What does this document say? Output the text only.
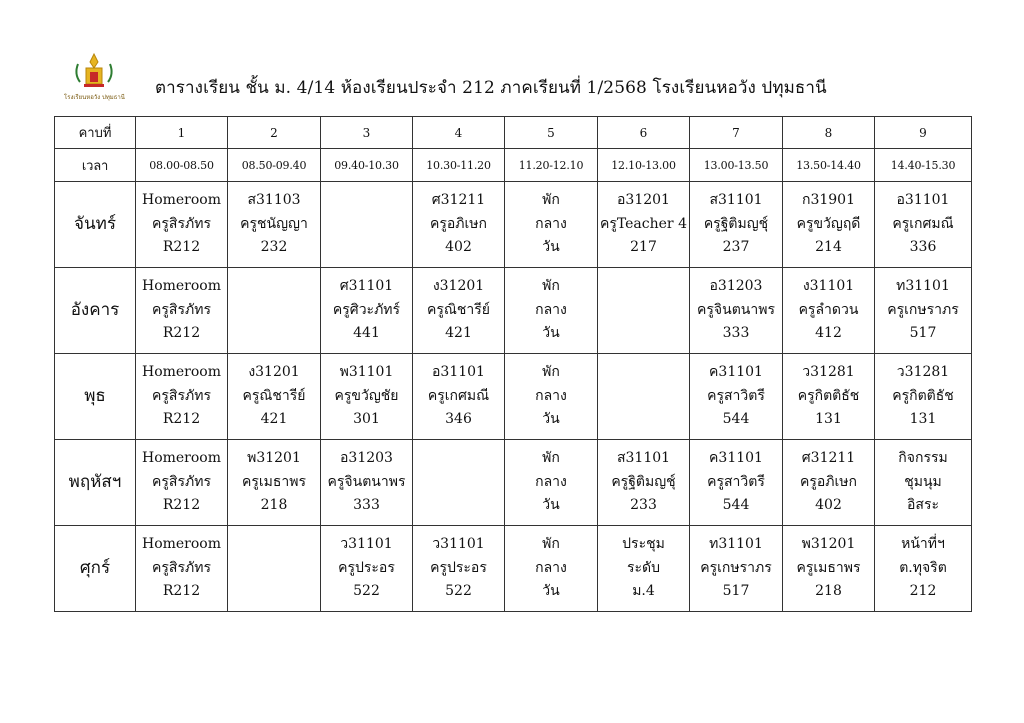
โรงเรียนหอวัง ปทุมธานี ตารางเรียน ชั้น ม. 4/14 ห้องเรียนประจำ 212 ภาคเรียนที่ 1/2568 โรงเรียนหอวัง ปทุมธานี
คาบที่	1	2	3	4	5	6	7	8	9
เวลา	08.00-08.50	08.50-09.40	09.40-10.30	10.30-11.20	11.20-12.10	12.10-13.00	13.00-13.50	13.50-14.40	14.40-15.30
จันทร์	Homeroom
ครูสิรภัทร
R212	ส31103
ครูชนัญญา
232		ศ31211
ครูอภิเษก
402	พัก
กลาง
วัน	อ31201
ครูTeacher 4
217	ส31101
ครูฐิติมญชุ์
237	ก31901
ครูขวัญฤดี
214	อ31101
ครูเกศมณี
336

อังคาร	Homeroom
ครูสิรภัทร
R212		ศ31101
ครูศิวะภัทร์
441	ง31201
ครูณิชารีย์
421	พัก
กลาง
วัน		อ31203
ครูจินตนาพร
333	ง31101
ครูลำดวน
412	ท31101
ครูเกษราภร
517

พุธ	Homeroom
ครูสิรภัทร
R212	ง31201
ครูณิชารีย์
421	พ31101
ครูขวัญชัย
301	อ31101
ครูเกศมณี
346	พัก
กลาง
วัน		ค31101
ครูสาวิตรี
544	ว31281
ครูกิตติธัช
131	ว31281
ครูกิตติธัช
131

พฤหัสฯ	Homeroom
ครูสิรภัทร
R212	พ31201
ครูเมธาพร
218	อ31203
ครูจินตนาพร
333		พัก
กลาง
วัน	ส31101
ครูฐิติมญชุ์
233	ค31101
ครูสาวิตรี
544	ศ31211
ครูอภิเษก
402	กิจกรรม
ชุมนุม
อิสระ

ศุกร์	Homeroom
ครูสิรภัทร
R212		ว31101
ครูประอร
522	ว31101
ครูประอร
522	พัก
กลาง
วัน	ประชุม
ระดับ
ม.4	ท31101
ครูเกษราภร
517	พ31201
ครูเมธาพร
218	หน้าที่ฯ
ต.ทุจริต
212
